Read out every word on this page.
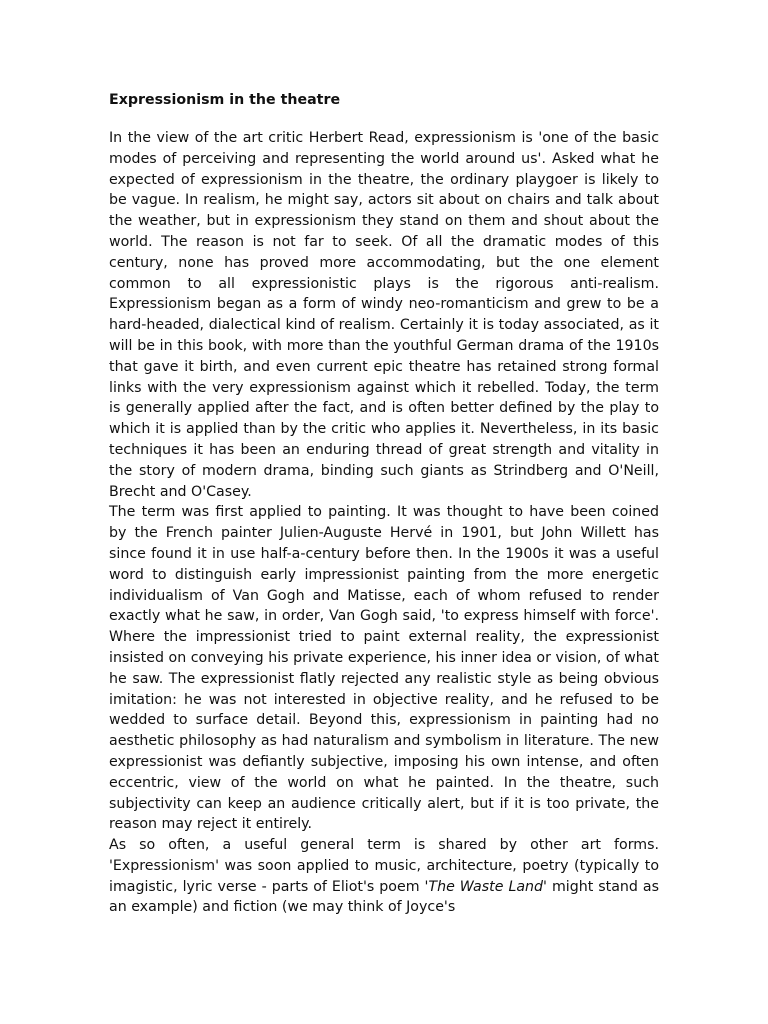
Expressionism in the theatre

In the view of the art critic Herbert Read, expressionism is 'one of the basic modes of perceiving and representing the world around us'. Asked what he expected of expressionism in the theatre, the ordinary playgoer is likely to be vague. In realism, he might say, actors sit about on chairs and talk about the weather, but in expressionism they stand on them and shout about the world. The reason is not far to seek. Of all the dramatic modes of this century, none has proved more accommodating, but the one element common to all expressionistic plays is the rigorous anti-realism. Expressionism began as a form of windy neo-romanticism and grew to be a hard-headed, dialectical kind of realism. Certainly it is today associated, as it will be in this book, with more than the youthful German drama of the 1910s that gave it birth, and even current epic theatre has retained strong formal links with the very expressionism against which it rebelled. Today, the term is generally applied after the fact, and is often better defined by the play to which it is applied than by the critic who applies it. Nevertheless, in its basic techniques it has been an enduring thread of great strength and vitality in the story of modern drama, binding such giants as Strindberg and O'Neill, Brecht and O'Casey.

The term was first applied to painting. It was thought to have been coined by the French painter Julien-Auguste Hervé in 1901, but John Willett has since found it in use half-a-century before then. In the 1900s it was a useful word to distinguish early impressionist painting from the more energetic individualism of Van Gogh and Matisse, each of whom refused to render exactly what he saw, in order, Van Gogh said, 'to express himself with force'. Where the impressionist tried to paint external reality, the expressionist insisted on conveying his private experience, his inner idea or vision, of what he saw. The expressionist flatly rejected any realistic style as being obvious imitation: he was not interested in objective reality, and he refused to be wedded to surface detail. Beyond this, expressionism in painting had no aesthetic philosophy as had naturalism and symbolism in literature. The new expressionist was defiantly subjective, imposing his own intense, and often eccentric, view of the world on what he painted. In the theatre, such subjectivity can keep an audience critically alert, but if it is too private, the reason may reject it entirely.

As so often, a useful general term is shared by other art forms. 'Expressionism' was soon applied to music, architecture, poetry (typically to imagistic, lyric verse - parts of Eliot's poem 'The Waste Land' might stand as an example) and fiction (we may think of Joyce's
